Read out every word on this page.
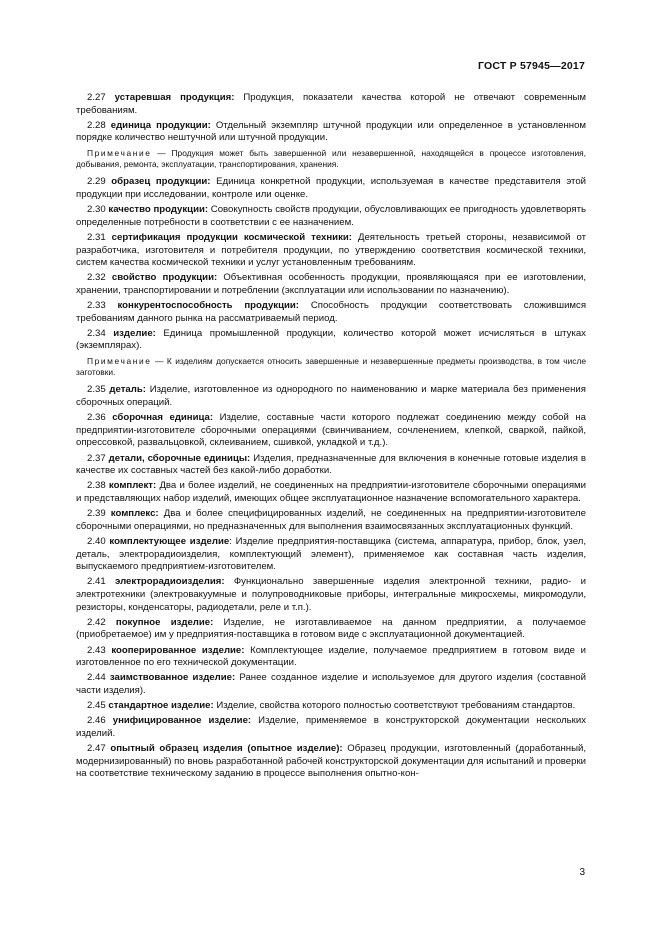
ГОСТ Р 57945—2017

2.27 устаревшая продукция: Продукция, показатели качества которой не отвечают современным требованиям.

2.28 единица продукции: Отдельный экземпляр штучной продукции или определенное в установленном порядке количество нештучной или штучной продукции.

Примечание — Продукция может быть завершенной или незавершенной, находящейся в процессе изготовления, добывания, ремонта, эксплуатации, транспортирования, хранения.

2.29 образец продукции: Единица конкретной продукции, используемая в качестве представителя этой продукции при исследовании, контроле или оценке.

2.30 качество продукции: Совокупность свойств продукции, обусловливающих ее пригодность удовлетворять определенные потребности в соответствии с ее назначением.

2.31 сертификация продукции космической техники: Деятельность третьей стороны, независимой от разработчика, изготовителя и потребителя продукции, по утверждению соответствия космической техники, систем качества космической техники и услуг установленным требованиям.

2.32 свойство продукции: Объективная особенность продукции, проявляющаяся при ее изготовлении, хранении, транспортировании и потреблении (эксплуатации или использовании по назначению).

2.33 конкурентоспособность продукции: Способность продукции соответствовать сложившимся требованиям данного рынка на рассматриваемый период.

2.34 изделие: Единица промышленной продукции, количество которой может исчисляться в штуках (экземплярах).

Примечание — К изделиям допускается относить завершенные и незавершенные предметы производства, в том числе заготовки.

2.35 деталь: Изделие, изготовленное из однородного по наименованию и марке материала без применения сборочных операций.

2.36 сборочная единица: Изделие, составные части которого подлежат соединению между собой на предприятии-изготовителе сборочными операциями (свинчиванием, сочленением, клепкой, сваркой, пайкой, опрессовкой, развальцовкой, склеиванием, сшивкой, укладкой и т.д.).

2.37 детали, сборочные единицы: Изделия, предназначенные для включения в конечные готовые изделия в качестве их составных частей без какой-либо доработки.

2.38 комплект: Два и более изделий, не соединенных на предприятии-изготовителе сборочными операциями и представляющих набор изделий, имеющих общее эксплуатационное назначение вспомогательного характера.

2.39 комплекс: Два и более специфицированных изделий, не соединенных на предприятии-изготовителе сборочными операциями, но предназначенных для выполнения взаимосвязанных эксплуатационных функций.

2.40 комплектующее изделие: Изделие предприятия-поставщика (система, аппаратура, прибор, блок, узел, деталь, электрорадиоизделия, комплектующий элемент), применяемое как составная часть изделия, выпускаемого предприятием-изготовителем.

2.41 электрорадиоизделия: Функционально завершенные изделия электронной техники, радио- и электротехники (электровакуумные и полупроводниковые приборы, интегральные микросхемы, микромодули, резисторы, конденсаторы, радиодетали, реле и т.п.).

2.42 покупное изделие: Изделие, не изготавливаемое на данном предприятии, а получаемое (приобретаемое) им у предприятия-поставщика в готовом виде с эксплуатационной документацией.

2.43 кооперированное изделие: Комплектующее изделие, получаемое предприятием в готовом виде и изготовленное по его технической документации.

2.44 заимствованное изделие: Ранее созданное изделие и используемое для другого изделия (составной части изделия).

2.45 стандартное изделие: Изделие, свойства которого полностью соответствуют требованиям стандартов.

2.46 унифицированное изделие: Изделие, применяемое в конструкторской документации нескольких изделий.

2.47 опытный образец изделия (опытное изделие): Образец продукции, изготовленный (доработанный, модернизированный) по вновь разработанной рабочей конструкторской документации для испытаний и проверки на соответствие техническому заданию в процессе выполнения опытно-кон-

3
